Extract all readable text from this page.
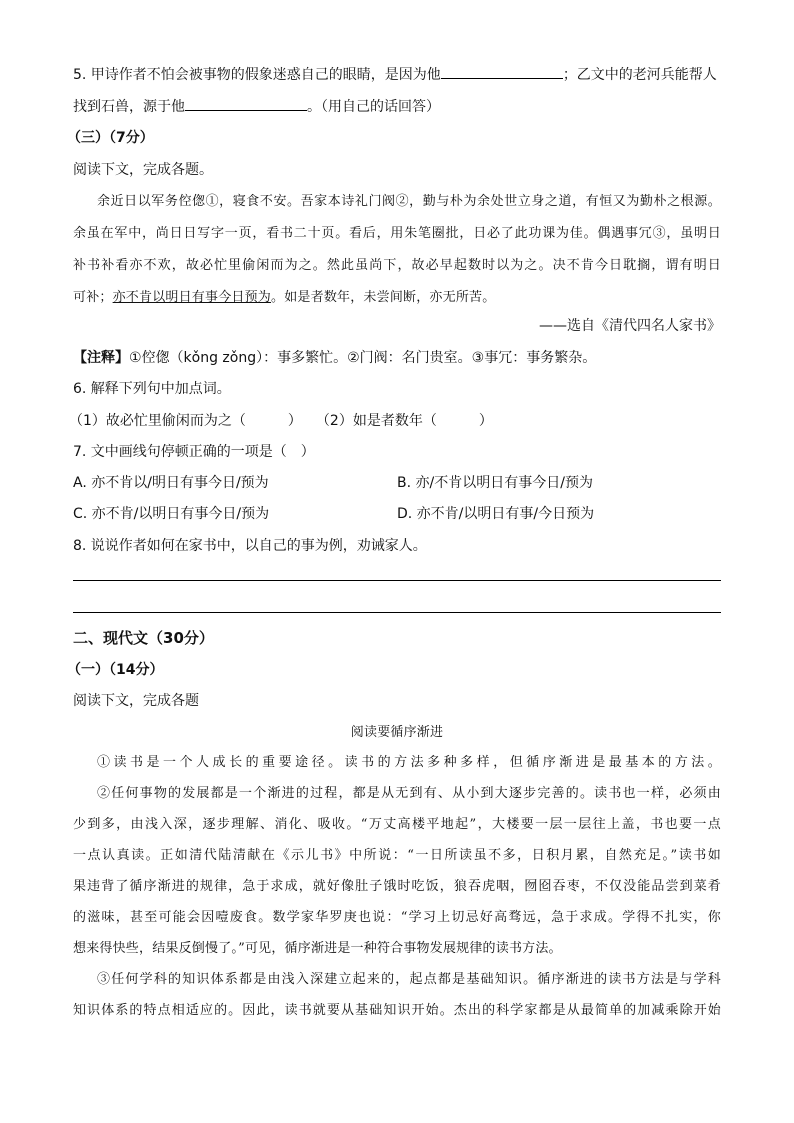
5. 甲诗作者不怕会被事物的假象迷惑自己的眼睛，是因为他	；乙文中的老河兵能帮人
找到石兽，源于他	。（用自己的话回答）
（三）（7分）
阅读下文，完成各题。
余近日以军务倥偬①，寝食不安。吾家本诗礼门阀②，勤与朴为余处世立身之道，有恒又为勤朴之根源。
余虽在军中，尚日日写字一页，看书二十页。看后，用朱笔圈批，日必了此功课为佳。偶遇事冗③，虽明日
补书补看亦不欢，故必忙里偷闲而为之。然此虽尚下，故必早起数时以为之。决不肯今日耽搁，谓有明日
可补；亦不肯以明日有事今日预为。如是者数年，未尝间断，亦无所苦。
——选自《清代四名人家书》
【注释】①倥偬（kǒng zǒng）：事多繁忙。②门阀：名门贵室。③事冗：事务繁杂。
6. 解释下列句中加点词。
（1）故必忙里偷闲而为之（　　　）　　（2）如是者数年（　　　）
7. 文中画线句停顿正确的一项是（　）
A. 亦不肯以/明日有事今日/预为	B. 亦/不肯以明日有事今日/预为
C. 亦不肯/以明日有事今日/预为	D. 亦不肯/以明日有事/今日预为
8. 说说作者如何在家书中，以自己的事为例，劝诫家人。
二、现代文（30分）
（一）（14分）
阅读下文，完成各题
阅读要循序渐进
①读书是一个人成长的重要途径。读书的方法多种多样，但循序渐进是最基本的方法。
②任何事物的发展都是一个渐进的过程，都是从无到有、从小到大逐步完善的。读书也一样，必须由
少到多，由浅入深，逐步理解、消化、吸收。“万丈高楼平地起”，大楼要一层一层往上盖，书也要一点
一点认真读。正如清代陆清献在《示儿书》中所说：“一日所读虽不多，日积月累，自然充足。”读书如
果违背了循序渐进的规律，急于求成，就好像肚子饿时吃饭，狼吞虎咽，囫囵吞枣，不仅没能品尝到菜肴
的滋味，甚至可能会因噎废食。数学家华罗庚也说：“学习上切忌好高骛远，急于求成。学得不扎实，你
想来得快些，结果反倒慢了。”可见，循序渐进是一种符合事物发展规律的读书方法。
③任何学科的知识体系都是由浅入深建立起来的，起点都是基础知识。循序渐进的读书方法是与学科
知识体系的特点相适应的。因此，读书就要从基础知识开始。杰出的科学家都是从最简单的加减乘除开始
